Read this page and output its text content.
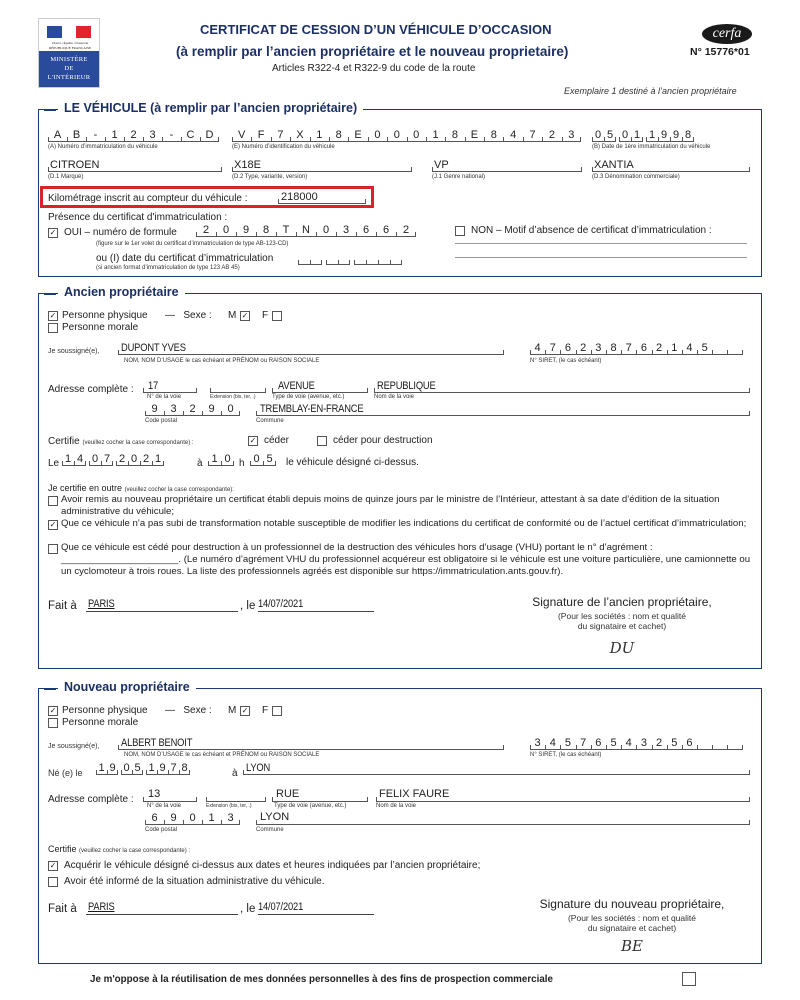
Liberté • Égalité • Fraternité
RÉPUBLIQUE FRANÇAISE
MINISTÈRE
DE
L'INTÉRIEUR
CERTIFICAT DE CESSION D’UN VÉHICULE D’OCCASION
(à remplir par l’ancien propriétaire et le nouveau proprietaire)
Articles R322-4 et R322-9 du code de la route
cerfa
N° 15776*01
Exemplaire 1 destiné à l’ancien propriétaire
LE VÉHICULE (à remplir par l’ancien propriétaire)
A	B	-	1	2	3	-	C	D
(A) Numéro d’immatriculation du véhicule
V	F	7	X	1	8	E	0	0	0	1	8	E	8	4	7	2	3
(E) Numéro d’identification du véhicule
0 5 0 1 1 9 9 8
(B) Date de 1ère immatriculation du véhicule
CITROEN
(D.1 Marque)
X18E
(D.2 Type, variante, version)
VP
(J.1 Genre national)
XANTIA
(D.3 Dénomination commerciale)
Kilométrage inscrit au compteur du véhicule :	218000
Présence du certificat d'immatriculation :
✓ OUI – numéro de formule	2	0	9	8	T	N	0	3	6	6	2
(figure sur le 1er volet du certificat d’immatriculation de type AB-123-CD)
ou (I) date du certificat d’immatriculation
(si ancien format d’immatriculation de type 123 AB 45)
NON – Motif d’absence de certificat d’immatriculation :
Ancien propriétaire
✓ Personne physique —   Sexe : M ✓ F
Personne morale
Je soussigné(e), DUPONT YVES
NOM, NOM D’USAGE le cas échéant et PRÉNOM ou RAISON SOCIALE
4 7 6 2 3 8 7 6 2 1 4 5
N° SIRET, (le cas échéant)
Adresse complète : 17
N° de la voie	Extension (bis, ter, .)
AVENUE
Type de voie (avenue, etc.)
REPUBLIQUE
Nom de la voie
9	3	2	9	0
Code postal
TREMBLAY-EN-FRANCE
Commune
Certifie (veuillez cocher la case correspondante) :	✓ céder	céder pour destruction
Le 1 4 0 7 2 0 2 1	à 1 0 h 0 5	le véhicule désigné ci-dessus.
Je certifie en outre (veuillez cocher la case correspondante):
Avoir remis au nouveau propriétaire un certificat établi depuis moins de quinze jours par le ministre de l’Intérieur, attestant à sa date d’édition de la situation administrative du véhicule;
✓ Que ce véhicule n’a pas subi de transformation notable susceptible de modifier les indications du certificat de conformité ou de l’actuel certificat d’immatriculation;
Que ce véhicule est cédé pour destruction à un professionnel de la destruction des véhicules hors d’usage (VHU) portant le n° d’agrément : ______________________. (Le numéro d’agrément VHU du professionnel acquéreur est obligatoire si le véhicule est une voiture particulière, une camionnette ou un cyclomoteur à trois roues. La liste des professionnels agréés est disponible sur https://immatriculation.ants.gouv.fr).
Fait à PARIS	, le 14/07/2021	Signature de l’ancien propriétaire,
(Pour les sociétés : nom et qualité
du signataire et cachet)
DU
Nouveau propriétaire
✓ Personne physique —   Sexe : M ✓ F
Personne morale
Je soussigné(e), ALBERT BENOIT
NOM, NOM D’USAGE le cas échéant et PRÉNOM ou RAISON SOCIALE
3 4 5 7 6 5 4 3 2 5 6
N° SIRET, (le cas échéant)
Né (e) le 1 9 0 5 1 9 7 8	à LYON
Adresse complète : 13
N° de la voie	Extension (bis, ter, .)
RUE
Type de voie (avenue, etc.)
FELIX FAURE
Nom de la voie
6	9	0	1	3
Code postal
LYON
Commune
Certifie (veuillez cocher la case correspondante) :
✓ Acquérir le véhicule désigné ci-dessus aux dates et heures indiquées par l’ancien propriétaire;
Avoir été informé de la situation administrative du véhicule.
Fait à PARIS	, le 14/07/2021	Signature du nouveau propriétaire,
(Pour les sociétés : nom et qualité
du signataire et cachet)
BE
Je m'oppose à la réutilisation de mes données personnelles à des fins de prospection commerciale
